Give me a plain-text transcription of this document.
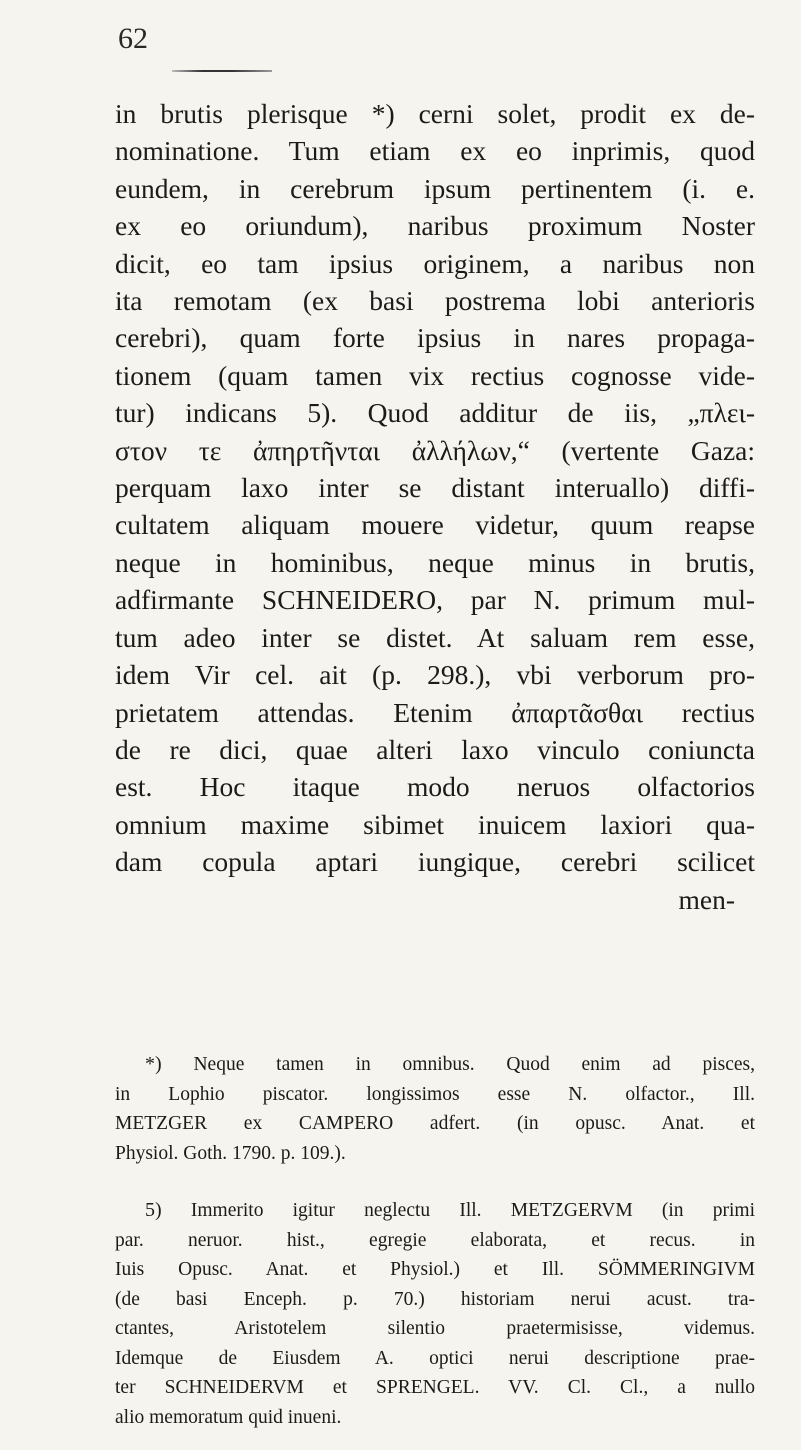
62
in brutis plerisque *) cerni solet, prodit ex de-
nominatione. Tum etiam ex eo inprimis, quod
eundem, in cerebrum ipsum pertinentem (i. e.
ex eo oriundum), naribus proximum Noster
dicit, eo tam ipsius originem, a naribus non
ita remotam (ex basi postrema lobi anterioris
cerebri), quam forte ipsius in nares propaga-
tionem (quam tamen vix rectius cognosse vide-
tur) indicans 5). Quod additur de iis, „πλει-
στον τε ἀπηρτῆνται ἀλλήλων,“ (vertente Gaza:
perquam laxo inter se distant interuallo) diffi-
cultatem aliquam mouere videtur, quum reapse
neque in hominibus, neque minus in brutis,
adfirmante SCHNEIDERO, par N. primum mul-
tum adeo inter se distet. At saluam rem esse,
idem Vir cel. ait (p. 298.), vbi verborum pro-
prietatem attendas. Etenim ἀπαρτᾶσθαι rectius
de re dici, quae alteri laxo vinculo coniuncta
est. Hoc itaque modo neruos olfactorios
omnium maxime sibimet inuicem laxiori qua-
dam copula aptari iungique, cerebri scilicet
men-
*) Neque tamen in omnibus. Quod enim ad pisces,
in Lophio piscator. longissimos esse N. olfactor., Ill.
METZGER ex CAMPERO adfert. (in opusc. Anat. et
Physiol. Goth. 1790. p. 109.).
5) Immerito igitur neglectu Ill. METZGERVM (in primi
par. neruor. hist., egregie elaborata, et recus. in
Iuis Opusc. Anat. et Physiol.) et Ill. SÖMMERINGIVM
(de basi Enceph. p. 70.) historiam nerui acust. tra-
ctantes, Aristotelem silentio praetermisisse, videmus.
Idemque de Eiusdem A. optici nerui descriptione prae-
ter SCHNEIDERVM et SPRENGEL. VV. Cl. Cl., a nullo
alio memoratum quid inueni.
